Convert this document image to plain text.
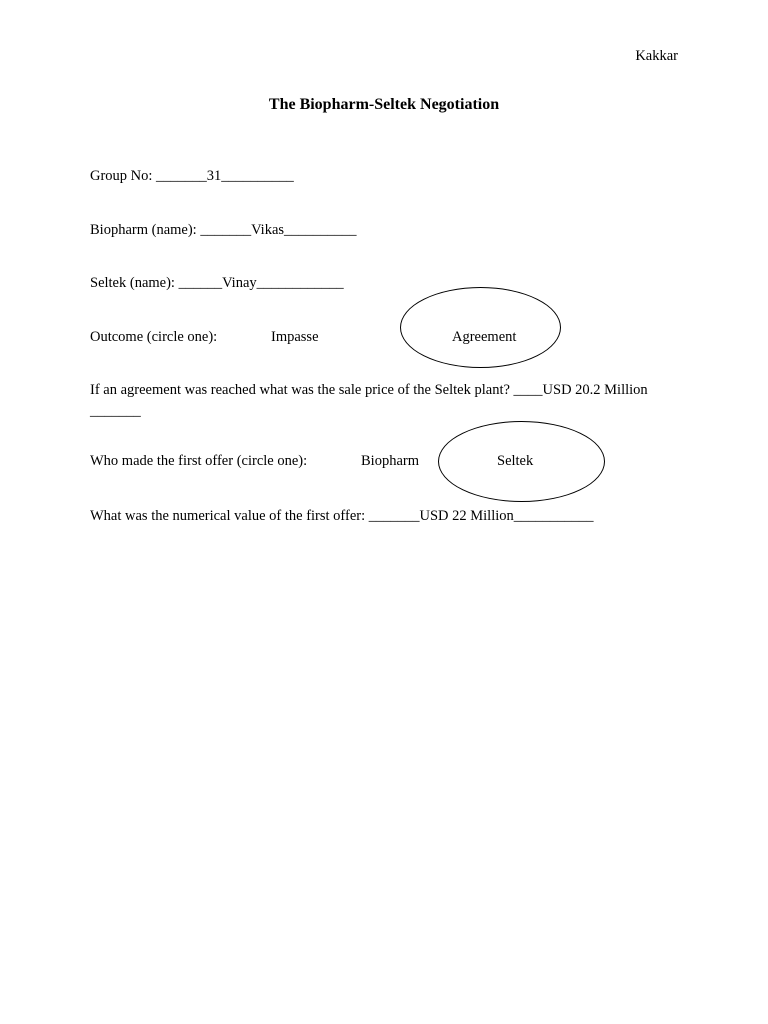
Kakkar
The Biopharm-Seltek Negotiation
Group No: _______31__________
Biopharm (name): _______Vikas__________
Seltek (name): ______Vinay____________
Outcome (circle one):	Impasse	Agreement
If an agreement was reached what was the sale price of the Seltek plant? ____USD 20.2 Million
_______
Who made the first offer (circle one):	Biopharm	Seltek
What was the numerical value of the first offer: _______USD 22 Million___________
